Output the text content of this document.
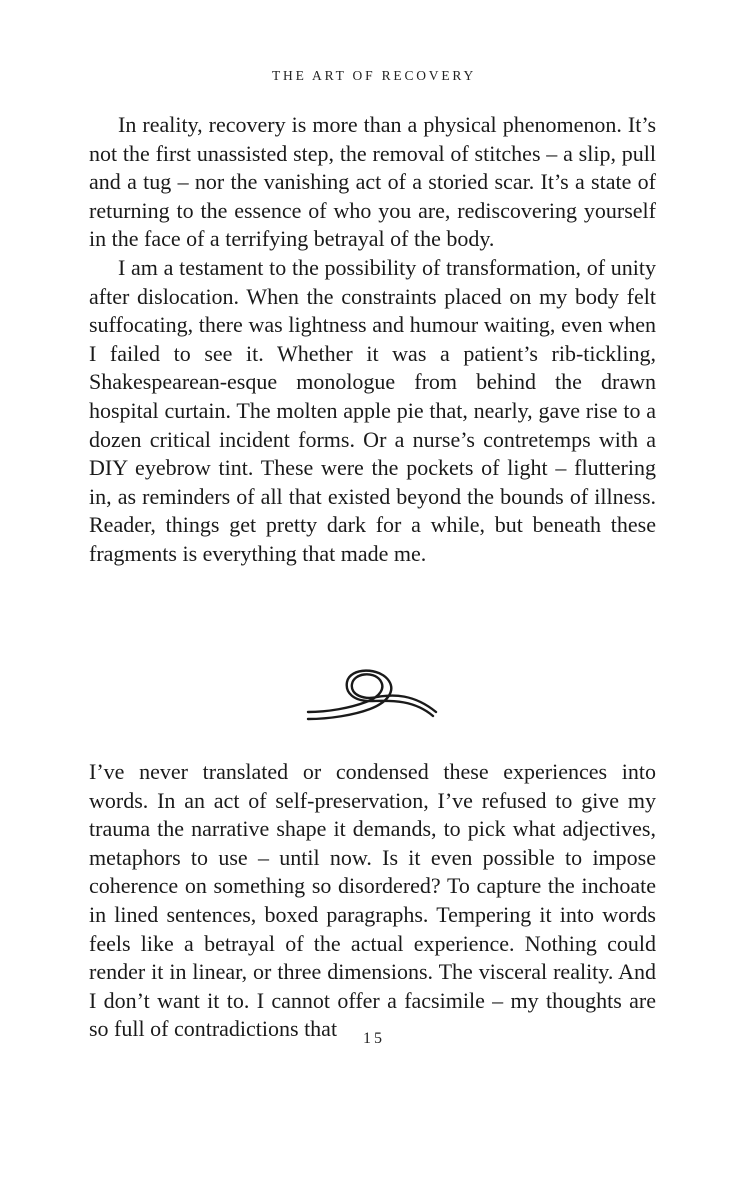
THE ART OF RECOVERY

In reality, recovery is more than a physical phenomenon. It’s not the first unassisted step, the removal of stitches – a slip, pull and a tug – nor the vanishing act of a storied scar. It’s a state of returning to the essence of who you are, rediscovering yourself in the face of a terrifying betrayal of the body.

I am a testament to the possibility of transformation, of unity after dislocation. When the constraints placed on my body felt suffocating, there was lightness and humour waiting, even when I failed to see it. Whether it was a patient’s rib-tickling, Shakespearean-esque monologue from behind the drawn hospital curtain. The molten apple pie that, nearly, gave rise to a dozen critical incident forms. Or a nurse’s contretemps with a DIY eyebrow tint. These were the pockets of light – fluttering in, as reminders of all that existed beyond the bounds of illness. Reader, things get pretty dark for a while, but beneath these fragments is everything that made me.

I’ve never translated or condensed these experiences into words. In an act of self-preservation, I’ve refused to give my trauma the narrative shape it demands, to pick what adjectives, metaphors to use – until now. Is it even possible to impose coherence on something so disordered? To capture the inchoate in lined sentences, boxed paragraphs. Tempering it into words feels like a betrayal of the actual experience. Nothing could render it in linear, or three dimensions. The visceral reality. And I don’t want it to. I cannot offer a facsimile – my thoughts are so full of contradictions that	15
